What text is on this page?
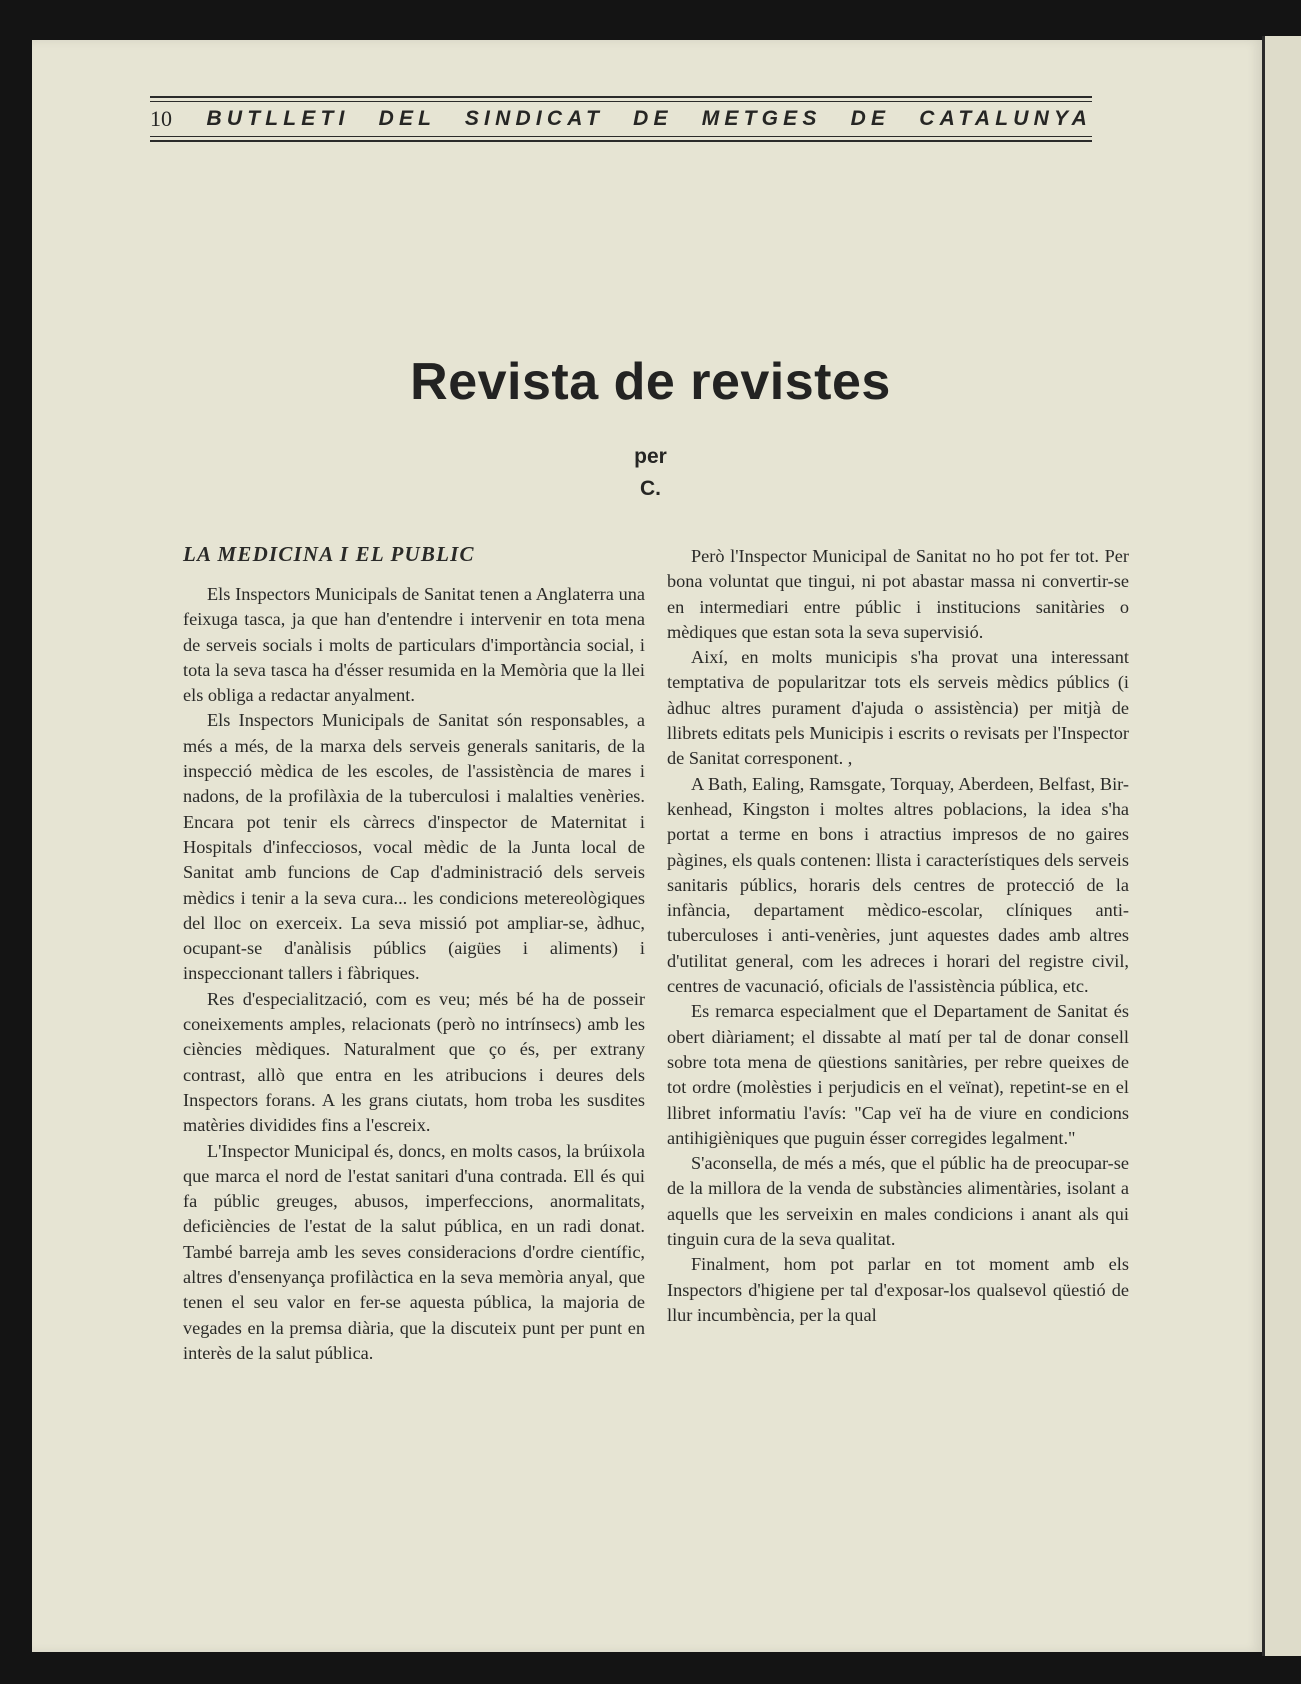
10	BUTLLETI DEL SINDICAT DE METGES DE CATALUNYA
Revista de revistes
per
C.
LA MEDICINA I EL PUBLIC

Els Inspectors Municipals de Sanitat tenen a Anglaterra una feixuga tasca, ja que han d'entendre i intervenir en tota mena de serveis socials i molts de particulars d'importància social, i tota la seva tasca ha d'ésser resumida en la Memòria que la llei els obliga a redactar anyalment.

Els Inspectors Municipals de Sanitat són responsables, a més a més, de la marxa dels serveis generals sanitaris, de la inspecció mèdica de les escoles, de l'assistència de mares i nadons, de la profilàxia de la tuberculosi i malalties venèries. Encara pot tenir els càrrecs d'inspector de Maternitat i Hospitals d'infecciosos, vocal mèdic de la Junta local de Sanitat amb funcions de Cap d'administració dels serveis mèdics i tenir a la seva cura... les condicions metereològiques del lloc on exerceix. La seva missió pot ampliar-se, àdhuc, ocupant-se d'anàlisis públics (aigües i aliments) i inspeccionant tallers i fàbriques.

Res d'especialització, com es veu; més bé ha de posseir coneixements amples, relacionats (però no intrínsecs) amb les ciències mèdiques. Naturalment que ço és, per extrany contrast, allò que entra en les atribucions i deures dels Inspectors forans. A les grans ciutats, hom troba les susdites matèries dividides fins a l'escreix.

L'Inspector Municipal és, doncs, en molts casos, la brúixola que marca el nord de l'estat sanitari d'una contrada. Ell és qui fa públic greuges, abusos, imperfeccions, anormalitats, deficiències de l'estat de la salut pública, en un radi donat. També barreja amb les seves consideracions d'ordre científic, altres d'ensenyança profilàctica en la seva memòria anyal, que tenen el seu valor en fer-se aquesta pública, la majoria de vegades en la premsa diària, que la discuteix punt per punt en interès de la salut pública.

Però l'Inspector Municipal de Sanitat no ho pot fer tot. Per bona voluntat que tingui, ni pot abastar massa ni convertir-se en intermediari entre públic i institucions sanitàries o mèdiques que estan sota la seva supervisió.

Així, en molts municipis s'ha provat una interessant temptativa de popularitzar tots els serveis mèdics públics (i àdhuc altres purament d'ajuda o assistència) per mitjà de llibrets editats pels Municipis i escrits o revisats per l'Inspector de Sanitat corresponent. ,

A Bath, Ealing, Ramsgate, Torquay, Aberdeen, Belfast, Bir-kenhead, Kingston i moltes altres poblacions, la idea s'ha portat a terme en bons i atractius impresos de no gaires pàgines, els quals contenen: llista i característiques dels serveis sanitaris públics, horaris dels centres de protecció de la infància, departament mèdico-escolar, clíniques anti-tuberculoses i anti-venèries, junt aquestes dades amb altres d'utilitat general, com les adreces i horari del registre civil, centres de vacunació, oficials de l'assistència pública, etc.

Es remarca especialment que el Departament de Sanitat és obert diàriament; el dissabte al matí per tal de donar consell sobre tota mena de qüestions sanitàries, per rebre queixes de tot ordre (molèsties i perjudicis en el veïnat), repetint-se en el llibret informatiu l'avís: "Cap veï ha de viure en condicions antihigièniques que puguin ésser corregides legalment."

S'aconsella, de més a més, que el públic ha de preocupar-se de la millora de la venda de substàncies alimentàries, isolant a aquells que les serveixin en males condicions i anant als qui tinguin cura de la seva qualitat.

Finalment, hom pot parlar en tot moment amb els Inspectors d'higiene per tal d'exposar-los qualsevol qüestió de llur incumbència, per la qual
